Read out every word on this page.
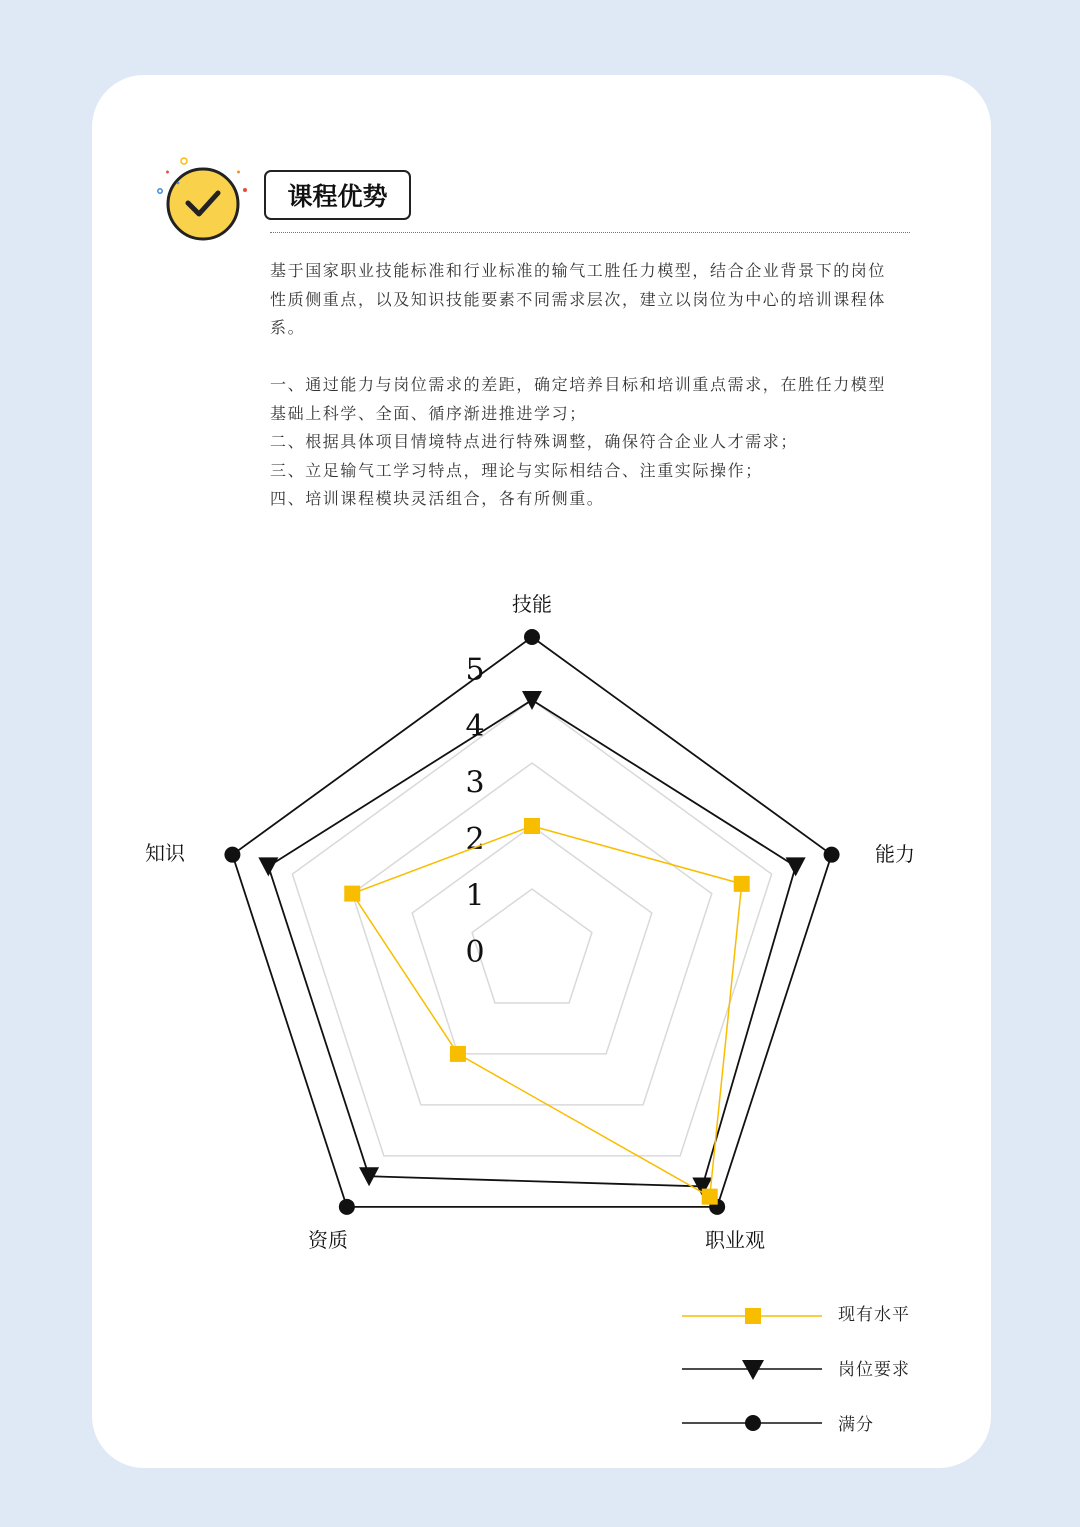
课程优势

基于国家职业技能标准和行业标准的输气工胜任力模型，结合企业背景下的岗位性质侧重点，以及知识技能要素不同需求层次，建立以岗位为中心的培训课程体系。

一、通过能力与岗位需求的差距，确定培养目标和培训重点需求，在胜任力模型基础上科学、全面、循序渐进推进学习；
二、根据具体项目情境特点进行特殊调整，确保符合企业人才需求；
三、立足输气工学习特点，理论与实际相结合、注重实际操作；
四、培训课程模块灵活组合，各有所侧重。
0
1
2
3
4
5
技能
能力
职业观
资质
知识
现有水平
岗位要求
满分
